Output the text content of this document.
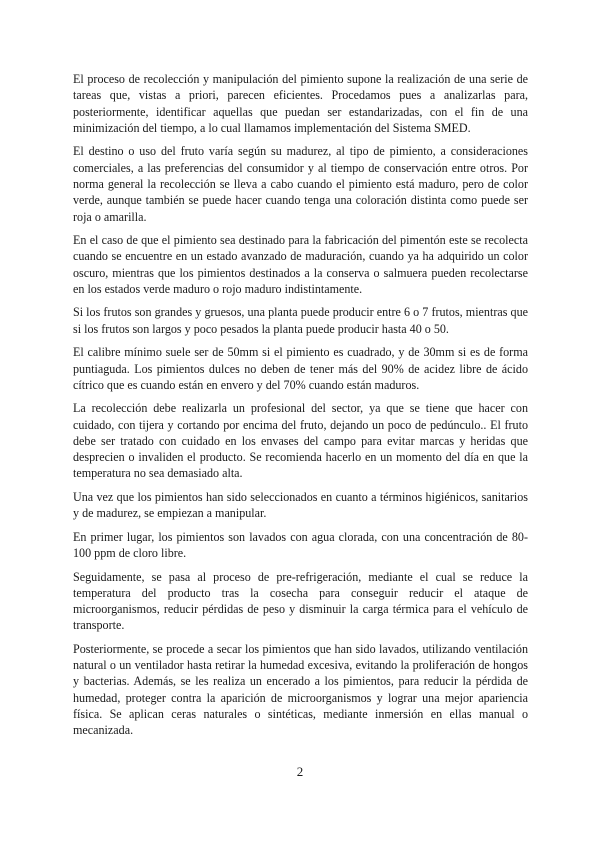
El proceso de recolección y manipulación del pimiento supone la realización de una serie de tareas que, vistas a priori, parecen eficientes. Procedamos pues a analizarlas para, posteriormente, identificar aquellas que puedan ser estandarizadas, con el fin de una minimización del tiempo, a lo cual llamamos implementación del Sistema SMED.

El destino o uso del fruto varía según su madurez, al tipo de pimiento, a consideraciones comerciales, a las preferencias del consumidor y al tiempo de conservación entre otros. Por norma general la recolección se lleva a cabo cuando el pimiento está maduro, pero de color verde, aunque también se puede hacer cuando tenga una coloración distinta como puede ser roja o amarilla.

En el caso de que el pimiento sea destinado para la fabricación del pimentón este se recolecta cuando se encuentre en un estado avanzado de maduración, cuando ya ha adquirido un color oscuro, mientras que los pimientos destinados a la conserva o salmuera pueden recolectarse en los estados verde maduro o rojo maduro indistintamente.

Si los frutos son grandes y gruesos, una planta puede producir entre 6 o 7 frutos, mientras que si los frutos son largos y poco pesados la planta puede producir hasta 40 o 50.

El calibre mínimo suele ser de 50mm si el pimiento es cuadrado, y de 30mm si es de forma puntiaguda. Los pimientos dulces no deben de tener más del 90% de acidez libre de ácido cítrico que es cuando están en envero y del 70% cuando están maduros.

La recolección debe realizarla un profesional del sector, ya que se tiene que hacer con cuidado, con tijera y cortando por encima del fruto, dejando un poco de pedúnculo.. El fruto debe ser tratado con cuidado en los envases del campo para evitar marcas y heridas que desprecien o invaliden el producto. Se recomienda hacerlo en un momento del día en que la temperatura no sea demasiado alta.

Una vez que los pimientos han sido seleccionados en cuanto a términos higiénicos, sanitarios y de madurez, se empiezan a manipular.

En primer lugar, los pimientos son lavados con agua clorada, con una concentración de 80-100 ppm de cloro libre.

Seguidamente, se pasa al proceso de pre-refrigeración, mediante el cual se reduce la temperatura del producto tras la cosecha para conseguir reducir el ataque de microorganismos, reducir pérdidas de peso y disminuir la carga térmica para el vehículo de transporte.

Posteriormente, se procede a secar los pimientos que han sido lavados, utilizando ventilación natural o un ventilador hasta retirar la humedad excesiva, evitando la proliferación de hongos y bacterias. Además, se les realiza un encerado a los pimientos, para reducir la pérdida de humedad, proteger contra la aparición de microorganismos y lograr una mejor apariencia física. Se aplican ceras naturales o sintéticas, mediante inmersión en ellas manual o mecanizada.

2
